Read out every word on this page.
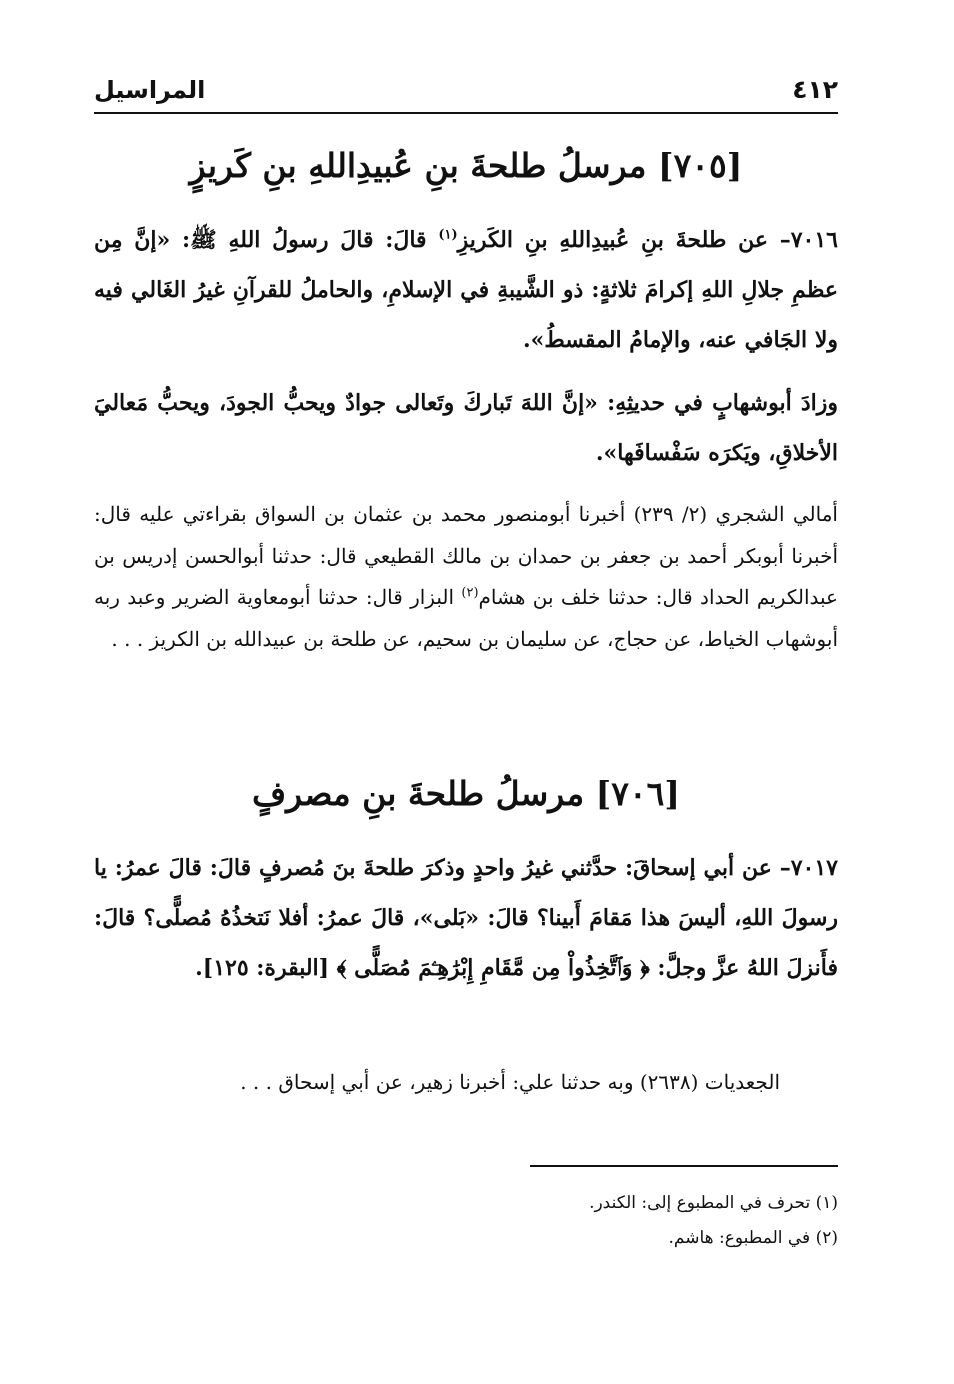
٤١٢
المراسيل
[٧٠٥] مرسلُ طلحةَ بنِ عُبيدِاللهِ بنِ كَريزٍ

٧٠١٦– عن طلحةَ بنِ عُبيدِاللهِ بنِ الكَريزِ$^{(١)}$ قالَ: قالَ رسولُ اللهِ ﷺ: «إنَّ مِن عظمِ جلالِ اللهِ إكرامَ ثلاثةٍ: ذو الشَّيبةِ في الإسلامِ، والحاملُ للقرآنِ غيرُ الغَالي فيه ولا الجَافي عنه، والإمامُ المقسطُ».

وزادَ أبوشهابٍ في حديثِهِ: «إنَّ اللهَ تَباركَ وتَعالى جوادٌ ويحبُّ الجودَ، ويحبُّ مَعاليَ الأخلاقِ، ويَكرَه سَفْسافَها».

أمالي الشجري (٢/ ٢٣٩) أخبرنا أبومنصور محمد بن عثمان بن السواق بقراءتي عليه قال: أخبرنا أبوبكر أحمد بن جعفر بن حمدان بن مالك القطيعي قال: حدثنا أبوالحسن إدريس بن عبدالكريم الحداد قال: حدثنا خلف بن هشام$^{(٢)}$ البزار قال: حدثنا أبومعاوية الضرير وعبد ربه أبوشهاب الخياط، عن حجاج، عن سليمان بن سحيم، عن طلحة بن عبيدالله بن الكريز . . .

[٧٠٦] مرسلُ طلحةَ بنِ مصرفٍ

٧٠١٧– عن أبي إسحاقَ: حدَّثني غيرُ واحدٍ وذكرَ طلحةَ بنَ مُصرفٍ قالَ: قالَ عمرُ: يا رسولَ اللهِ، أليسَ هذا مَقامَ أَبينا؟ قالَ: «بَلى»، قالَ عمرُ: أفلا نَتخذُهُ مُصلًّى؟ قالَ: فأَنزلَ اللهُ عزَّ وجلَّ: ﴿ وَٱتَّخِذُواْ مِن مَّقَامِ إِبْرَٰهِـۧمَ مُصَلًّى ﴾ [البقرة: ١٢٥].

الجعديات (٢٦٣٨) وبه حدثنا علي: أخبرنا زهير، عن أبي إسحاق . . .

(١) تحرف في المطبوع إلى: الكندر.
(٢) في المطبوع: هاشم.
